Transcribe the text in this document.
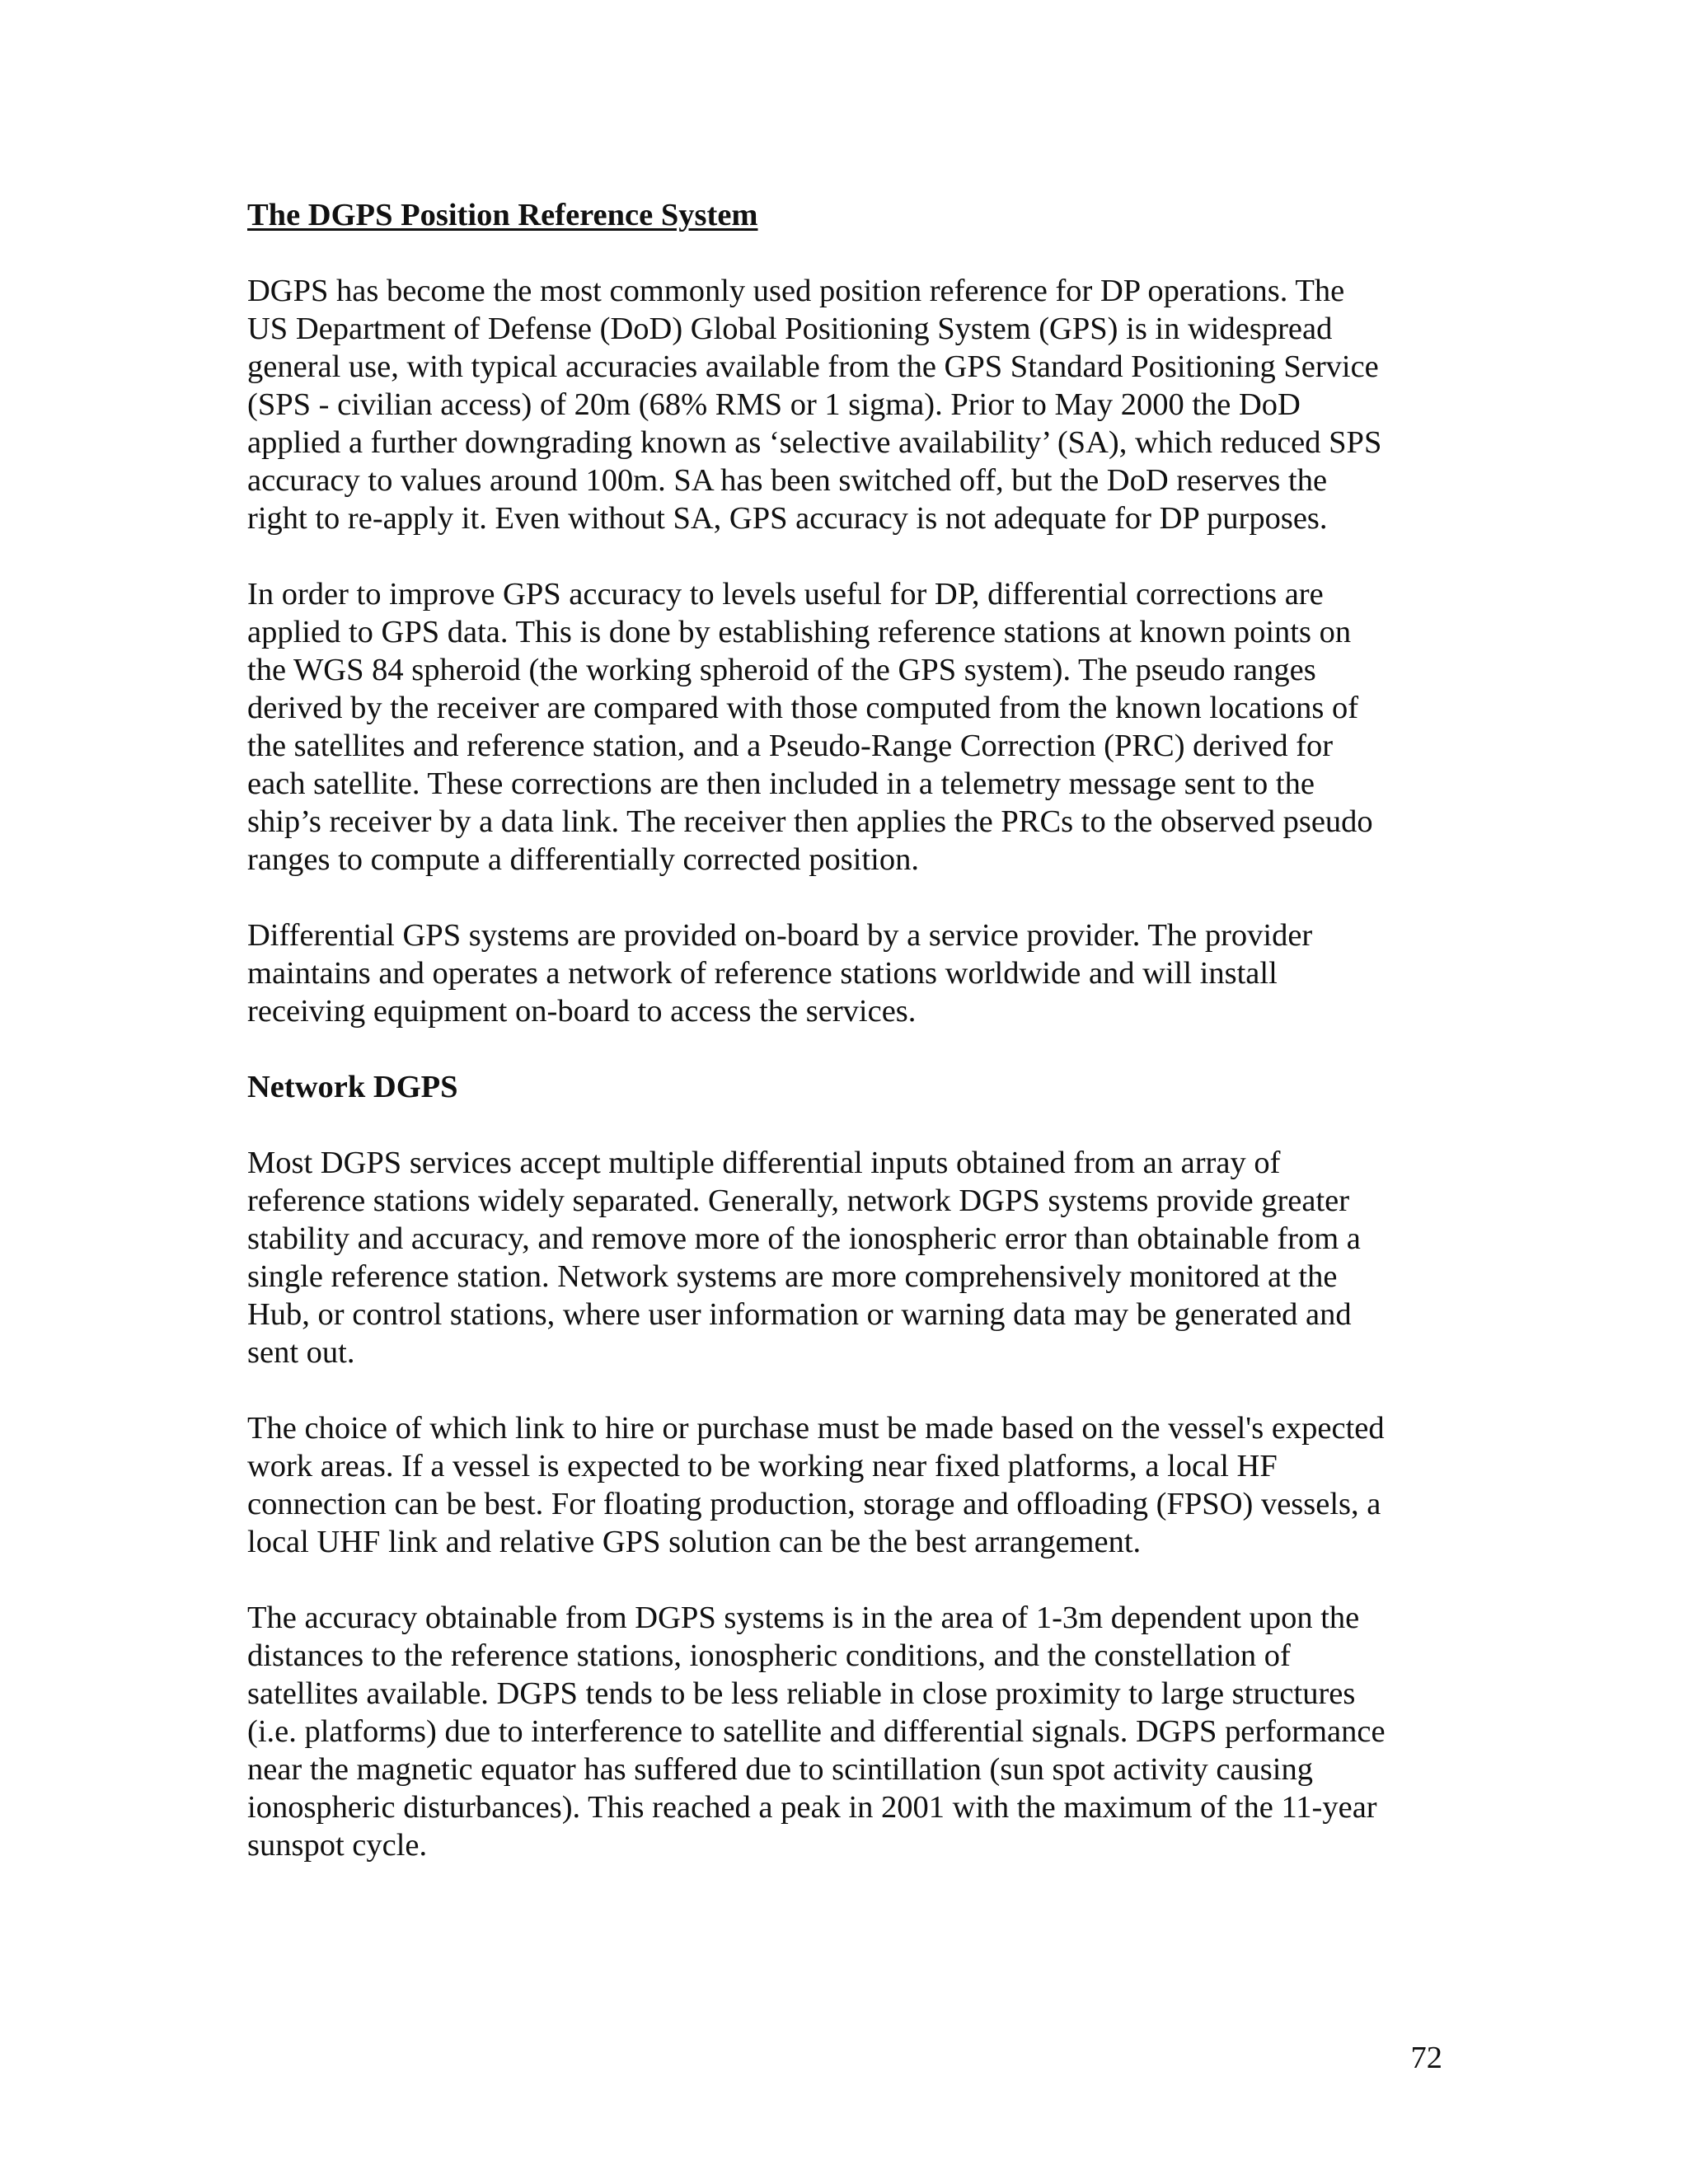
The DGPS Position Reference System

DGPS has become the most commonly used position reference for DP operations. The
US Department of Defense (DoD) Global Positioning System (GPS) is in widespread
general use, with typical accuracies available from the GPS Standard Positioning Service
(SPS - civilian access) of 20m (68% RMS or 1 sigma). Prior to May 2000 the DoD
applied a further downgrading known as ‘selective availability’ (SA), which reduced SPS
accuracy to values around 100m. SA has been switched off, but the DoD reserves the
right to re-apply it. Even without SA, GPS accuracy is not adequate for DP purposes.

In order to improve GPS accuracy to levels useful for DP, differential corrections are
applied to GPS data. This is done by establishing reference stations at known points on
the WGS 84 spheroid (the working spheroid of the GPS system). The pseudo ranges
derived by the receiver are compared with those computed from the known locations of
the satellites and reference station, and a Pseudo-Range Correction (PRC) derived for
each satellite. These corrections are then included in a telemetry message sent to the
ship’s receiver by a data link. The receiver then applies the PRCs to the observed pseudo
ranges to compute a differentially corrected position.

Differential GPS systems are provided on-board by a service provider. The provider
maintains and operates a network of reference stations worldwide and will install
receiving equipment on-board to access the services.

Network DGPS

Most DGPS services accept multiple differential inputs obtained from an array of
reference stations widely separated. Generally, network DGPS systems provide greater
stability and accuracy, and remove more of the ionospheric error than obtainable from a
single reference station. Network systems are more comprehensively monitored at the
Hub, or control stations, where user information or warning data may be generated and
sent out.

The choice of which link to hire or purchase must be made based on the vessel's expected
work areas. If a vessel is expected to be working near fixed platforms, a local HF
connection can be best. For floating production, storage and offloading (FPSO) vessels, a
local UHF link and relative GPS solution can be the best arrangement.

The accuracy obtainable from DGPS systems is in the area of 1-3m dependent upon the
distances to the reference stations, ionospheric conditions, and the constellation of
satellites available. DGPS tends to be less reliable in close proximity to large structures
(i.e. platforms) due to interference to satellite and differential signals. DGPS performance
near the magnetic equator has suffered due to scintillation (sun spot activity causing
ionospheric disturbances). This reached a peak in 2001 with the maximum of the 11-year
sunspot cycle.

72
